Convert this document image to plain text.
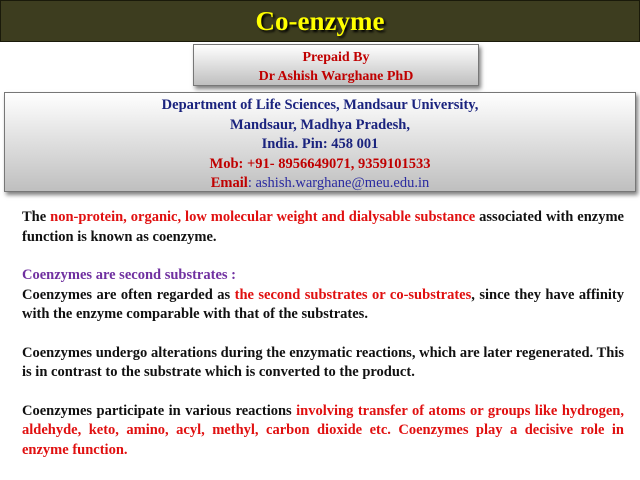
Co-enzyme
Prepaid By
Dr Ashish Warghane PhD
Department of Life Sciences, Mandsaur University,
Mandsaur, Madhya Pradesh,
India. Pin: 458 001
Mob: +91- 8956649071, 9359101533
Email: ashish.warghane@meu.edu.in

The non-protein, organic, low molecular weight and dialysable substance associated with enzyme function is known as coenzyme.

Coenzymes are second substrates :

Coenzymes are often regarded as the second substrates or co-substrates, since they have affinity with the enzyme comparable with that of the substrates.

Coenzymes undergo alterations during the enzymatic reactions, which are later regenerated. This is in contrast to the substrate which is converted to the product.

Coenzymes participate in various reactions involving transfer of atoms or groups like hydrogen, aldehyde, keto, amino, acyl, methyl, carbon dioxide etc. Coenzymes play a decisive role in enzyme function.
